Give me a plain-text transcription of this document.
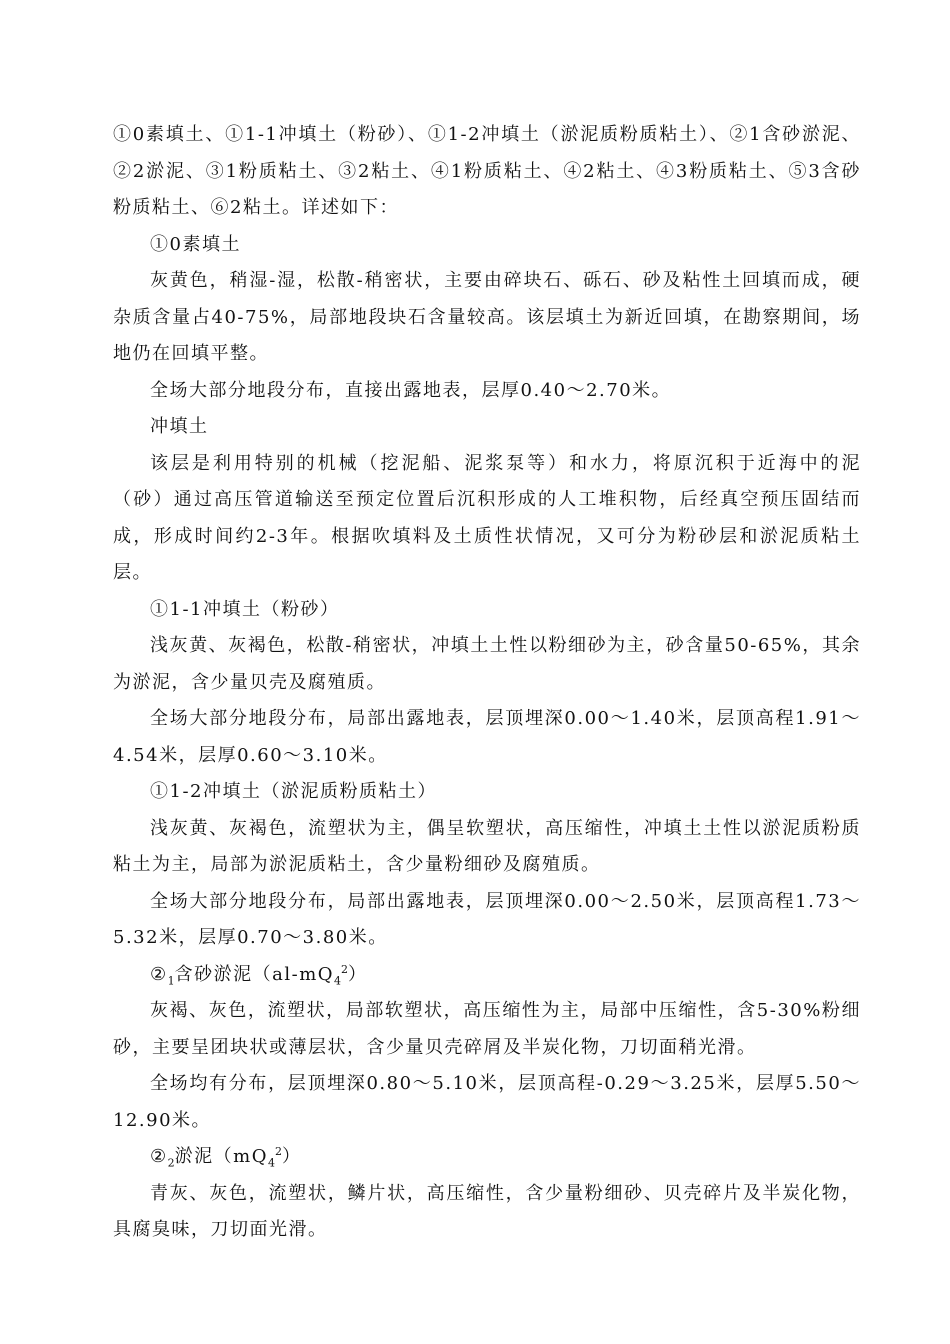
①0素填土、①1-1冲填土（粉砂）、①1-2冲填土（淤泥质粉质粘土）、②1含砂淤泥、②2淤泥、③1粉质粘土、③2粘土、④1粉质粘土、④2粘土、④3粉质粘土、⑤3含砂粉质粘土、⑥2粘土。详述如下：

①0素填土

灰黄色，稍湿-湿，松散-稍密状，主要由碎块石、砾石、砂及粘性土回填而成，硬杂质含量占40-75%，局部地段块石含量较高。该层填土为新近回填，在勘察期间，场地仍在回填平整。

全场大部分地段分布，直接出露地表，层厚0.40～2.70米。

冲填土

该层是利用特别的机械（挖泥船、泥浆泵等）和水力，将原沉积于近海中的泥（砂）通过高压管道输送至预定位置后沉积形成的人工堆积物，后经真空预压固结而成，形成时间约2-3年。根据吹填料及土质性状情况，又可分为粉砂层和淤泥质粘土层。

①1-1冲填土（粉砂）

浅灰黄、灰褐色，松散-稍密状，冲填土土性以粉细砂为主，砂含量50-65%，其余为淤泥，含少量贝壳及腐殖质。

全场大部分地段分布，局部出露地表，层顶埋深0.00～1.40米，层顶高程1.91～4.54米，层厚0.60～3.10米。

①1-2冲填土（淤泥质粉质粘土）

浅灰黄、灰褐色，流塑状为主，偶呈软塑状，高压缩性，冲填土土性以淤泥质粉质粘土为主，局部为淤泥质粘土，含少量粉细砂及腐殖质。

全场大部分地段分布，局部出露地表，层顶埋深0.00～2.50米，层顶高程1.73～5.32米，层厚0.70～3.80米。

$②_1$含砂淤泥$(al-mQ_4^2)$

灰褐、灰色，流塑状，局部软塑状，高压缩性为主，局部中压缩性，含5-30%粉细砂，主要呈团块状或薄层状，含少量贝壳碎屑及半炭化物，刀切面稍光滑。

全场均有分布，层顶埋深0.80～5.10米，层顶高程-0.29～3.25米，层厚5.50～12.90米。

$②_2$淤泥$(mQ_4^2)$

青灰、灰色，流塑状，鳞片状，高压缩性，含少量粉细砂、贝壳碎片及半炭化物，具腐臭味，刀切面光滑。
